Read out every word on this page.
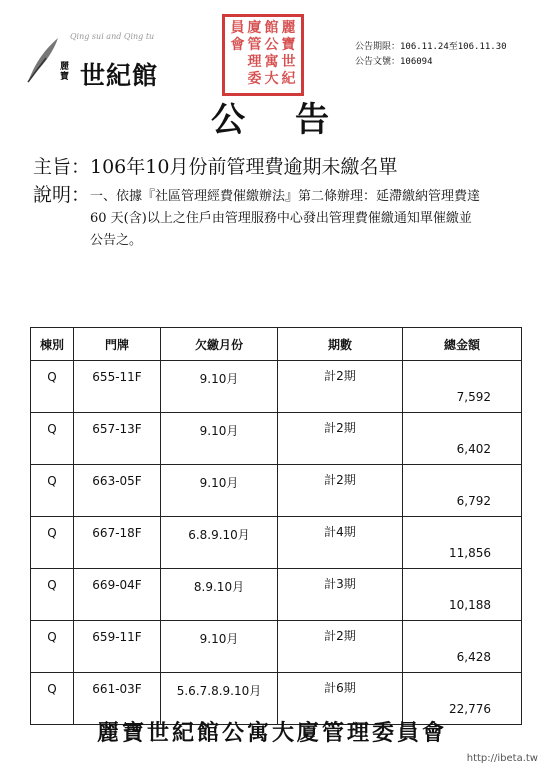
Qing sui and Qing tu
麗寶 世紀館
麗
寶
世
紀
館
公
寓
大
廈
管
理
委
員
會	公告期限：106.11.24至106.11.30
公告文號：106094
公告
主旨：106年10月份前管理費逾期未繳名單
說明： 一、依據『社區管理經費催繳辦法』第二條辦理：延滯繳納管理費達
60 天(含)以上之住戶由管理服務中心發出管理費催繳通知單催繳並
公告之。
棟別	門牌	欠繳月份	期數	總金額
Q	655-11F	9.10月	計2期	7,592
Q	657-13F	9.10月	計2期	6,402
Q	663-05F	9.10月	計2期	6,792
Q	667-18F	6.8.9.10月	計4期	11,856
Q	669-04F	8.9.10月	計3期	10,188
Q	659-11F	9.10月	計2期	6,428
Q	661-03F	5.6.7.8.9.10月	計6期	22,776
麗寶世紀館公寓大廈管理委員會
http://ibeta.tw
